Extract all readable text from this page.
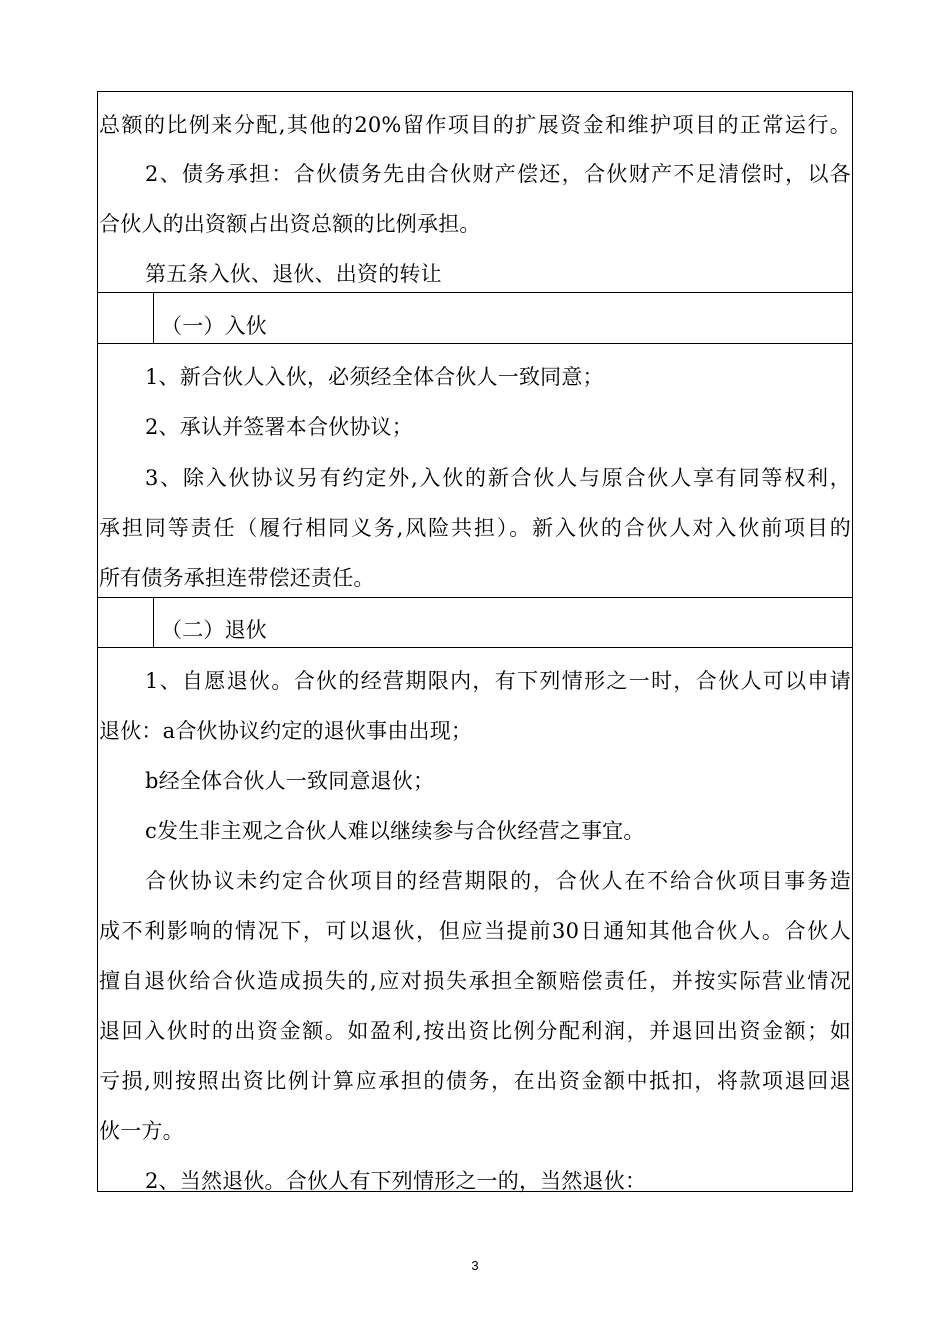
总额的比例来分配,其他的20%留作项目的扩展资金和维护项目的正常运行。
2、债务承担：合伙债务先由合伙财产偿还，合伙财产不足清偿时，以各
合伙人的出资额占出资总额的比例承担。
第五条入伙、退伙、出资的转让
（一）入伙
1、新合伙人入伙，必须经全体合伙人一致同意；
2、承认并签署本合伙协议；
3、除入伙协议另有约定外,入伙的新合伙人与原合伙人享有同等权利，
承担同等责任（履行相同义务,风险共担）。新入伙的合伙人对入伙前项目的
所有债务承担连带偿还责任。
（二）退伙
1、自愿退伙。合伙的经营期限内，有下列情形之一时，合伙人可以申请
退伙：a合伙协议约定的退伙事由出现；
b经全体合伙人一致同意退伙；
c发生非主观之合伙人难以继续参与合伙经营之事宜。
合伙协议未约定合伙项目的经营期限的，合伙人在不给合伙项目事务造
成不利影响的情况下，可以退伙，但应当提前30日通知其他合伙人。合伙人
擅自退伙给合伙造成损失的,应对损失承担全额赔偿责任，并按实际营业情况
退回入伙时的出资金额。如盈利,按出资比例分配利润，并退回出资金额；如
亏损,则按照出资比例计算应承担的债务，在出资金额中抵扣，将款项退回退
伙一方。
2、当然退伙。合伙人有下列情形之一的，当然退伙：
3
